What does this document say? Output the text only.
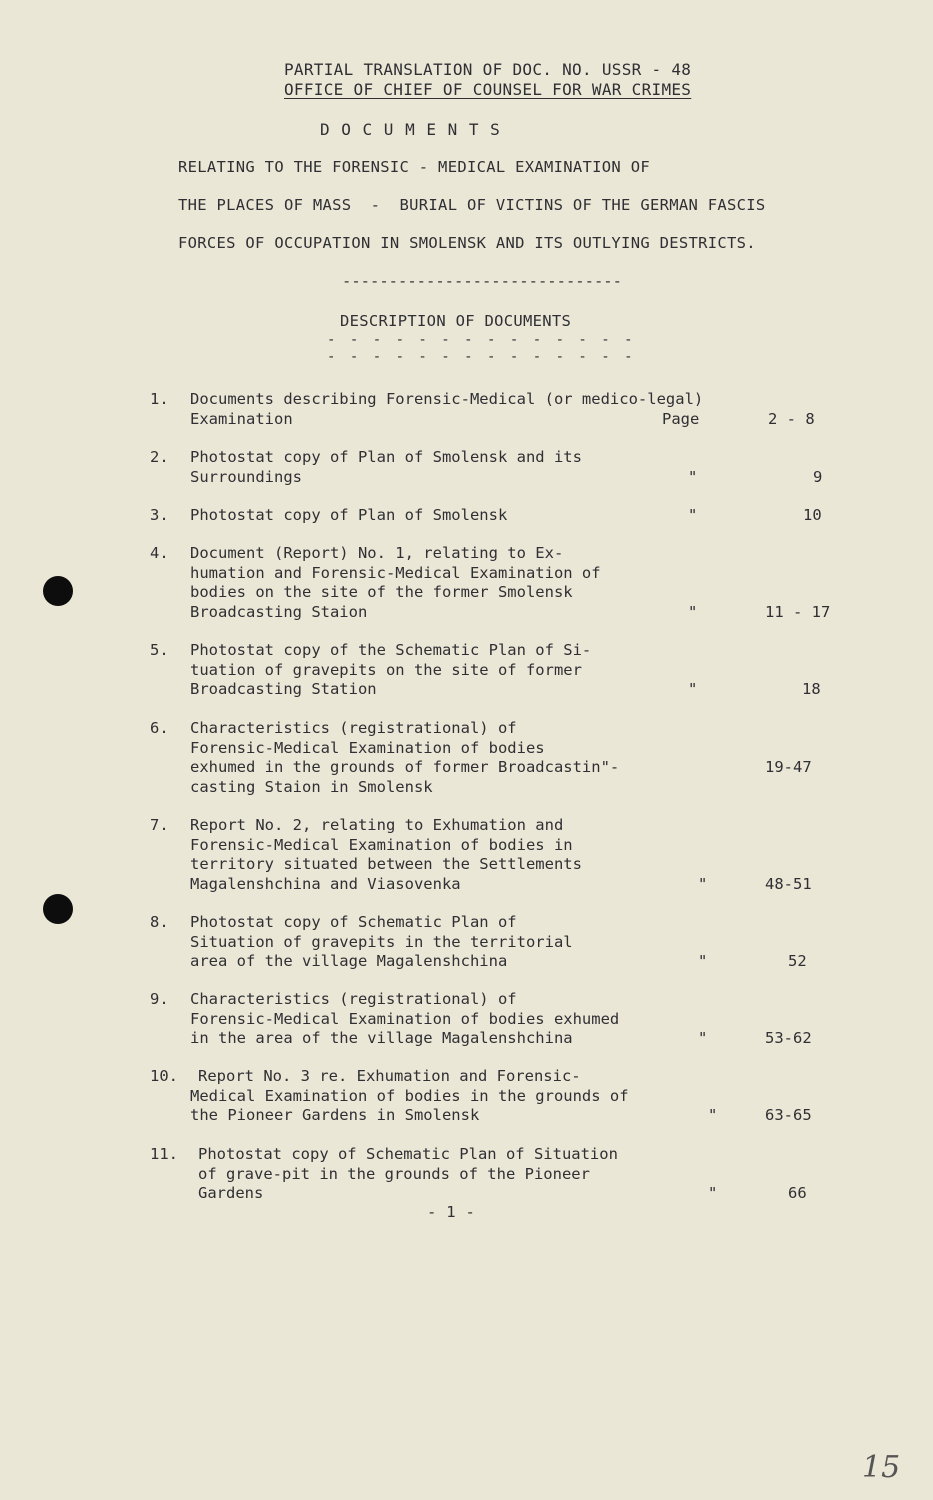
PARTIAL TRANSLATION OF DOC. NO. USSR - 48
OFFICE OF CHIEF OF COUNSEL FOR WAR CRIMES
D O C U M E N T S
RELATING TO THE FORENSIC - MEDICAL EXAMINATION OF
THE PLACES OF MASS  -  BURIAL OF VICTINS OF THE GERMAN FASCIS
FORCES OF OCCUPATION IN SMOLENSK AND ITS OUTLYING DESTRICTS.
------------------------------
DESCRIPTION OF DOCUMENTS
- - - - - - - - - - - - - -
- - - - - - - - - - - - - -
1. Documents describing Forensic-Medical (or medico-legal)
Examination	Page	2 - 8
2. Photostat copy of Plan of Smolensk and its
Surroundings	"	9
3. Photostat copy of Plan of Smolensk	"	10
4. Document (Report) No. 1, relating to Ex-
humation and Forensic-Medical Examination of
bodies on the site of the former Smolensk
Broadcasting Staion	"	11 - 17
5. Photostat copy of the Schematic Plan of Si-
tuation of gravepits on the site of former
Broadcasting Station	"	18
6. Characteristics (registrational) of
Forensic-Medical Examination of bodies
exhumed in the grounds of former Broadcastin"-
casting Staion in Smolensk
19-47
7. Report No. 2, relating to Exhumation and
Forensic-Medical Examination of bodies in
territory situated between the Settlements
Magalenshchina and Viasovenka	"	48-51
8. Photostat copy of Schematic Plan of
Situation of gravepits in the territorial
area of the village Magalenshchina	"	52
9. Characteristics (registrational) of
Forensic-Medical Examination of bodies exhumed
in the area of the village Magalenshchina	"	53-62
10. Report No. 3 re. Exhumation and Forensic-
Medical Examination of bodies in the grounds of
the Pioneer Gardens in Smolensk	"	63-65
11. Photostat copy of Schematic Plan of Situation
of grave-pit in the grounds of the Pioneer
Gardens	"	66
- 1 -
15
